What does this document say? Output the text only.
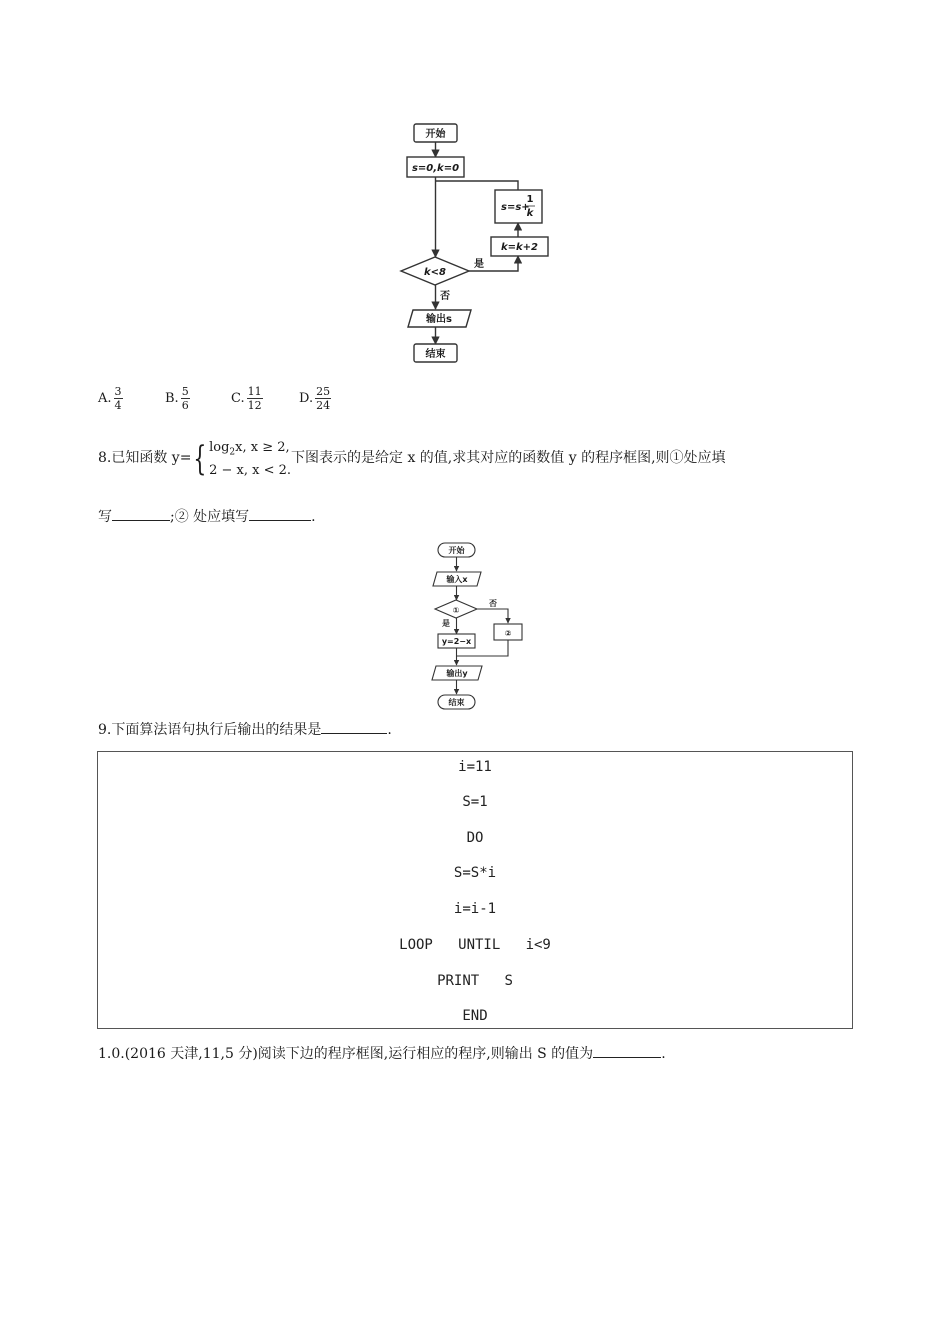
开始
s=0,k=0
k<8
是
否
k=k+2
s=s+
1
k
输出s
结束
A. $\frac{3}{4}$	B. $\frac{5}{6}$	C. $\frac{11}{12}$	D. $\frac{25}{24}$
8.已知函数 y={ $\log_2x$, x ≥ 2,
2 − x, x < 2.
下图表示的是给定 x 的值,求其对应的函数值 y 的程序框图,则①处应填
写	;② 处应填写	.
开始
输入x
①
否
是
②
y=2−x
输出y
结束
9.下面算法语句执行后输出的结果是	.
i=11
S=1
DO
S=S*i
i=i-1
LOOP   UNTIL   i<9
PRINT   S
END
1.0.(2016 天津,11,5 分)阅读下边的程序框图,运行相应的程序,则输出 S 的值为	.
